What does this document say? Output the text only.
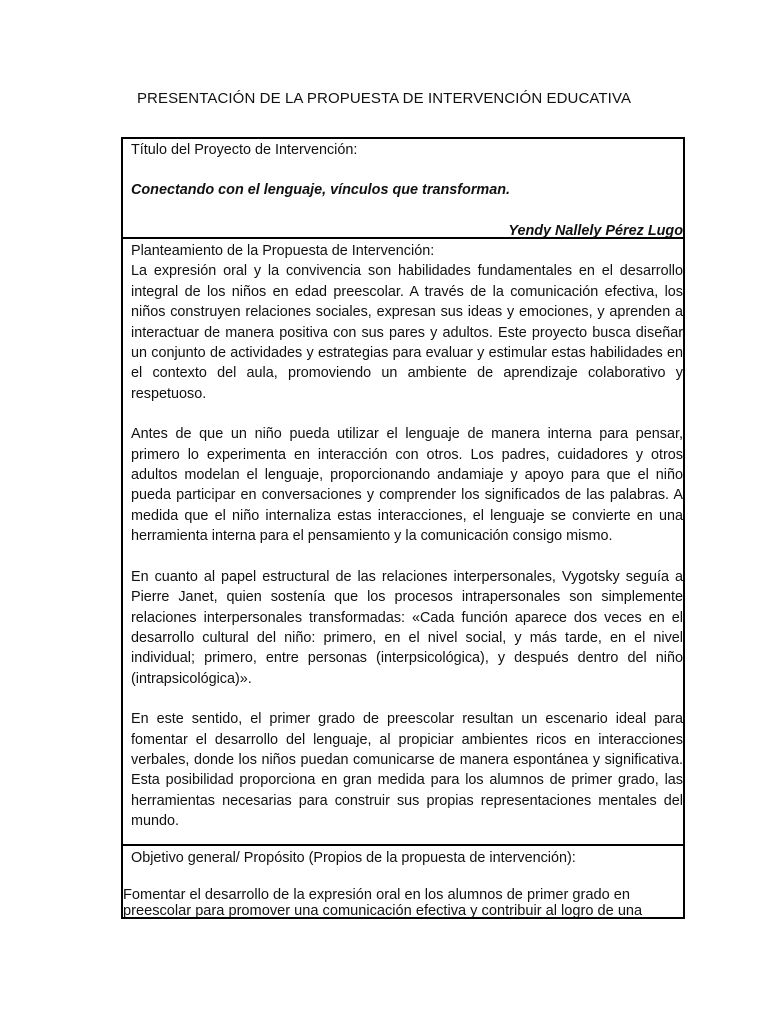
PRESENTACIÓN DE LA PROPUESTA DE INTERVENCIÓN EDUCATIVA

Título del Proyecto de Intervención:

Conectando con el lenguaje, vínculos que transforman.

Yendy Nallely Pérez Lugo

Planteamiento de la Propuesta de Intervención:

La expresión oral y la convivencia son habilidades fundamentales en el desarrollo integral de los niños en edad preescolar. A través de la comunicación efectiva, los niños construyen relaciones sociales, expresan sus ideas y emociones, y aprenden a interactuar de manera positiva con sus pares y adultos. Este proyecto busca diseñar un conjunto de actividades y estrategias para evaluar y estimular estas habilidades en el contexto del aula, promoviendo un ambiente de aprendizaje colaborativo y respetuoso.

Antes de que un niño pueda utilizar el lenguaje de manera interna para pensar, primero lo experimenta en interacción con otros. Los padres, cuidadores y otros adultos modelan el lenguaje, proporcionando andamiaje y apoyo para que el niño pueda participar en conversaciones y comprender los significados de las palabras. A medida que el niño internaliza estas interacciones, el lenguaje se convierte en una herramienta interna para el pensamiento y la comunicación consigo mismo.

En cuanto al papel estructural de las relaciones interpersonales, Vygotsky seguía a Pierre Janet, quien sostenía que los procesos intrapersonales son simplemente relaciones interpersonales transformadas: «Cada función aparece dos veces en el desarrollo cultural del niño: primero, en el nivel social, y más tarde, en el nivel individual; primero, entre personas (interpsicológica), y después dentro del niño (intrapsicológica)».

En este sentido, el primer grado de preescolar resultan un escenario ideal para fomentar el desarrollo del lenguaje, al propiciar ambientes ricos en interacciones verbales, donde los niños puedan comunicarse de manera espontánea y significativa. Esta posibilidad proporciona en gran medida para los alumnos de primer grado, las herramientas necesarias para construir sus propias representaciones mentales del mundo.

Objetivo general/ Propósito (Propios de la propuesta de intervención):

Fomentar el desarrollo de la expresión oral en los alumnos de primer grado en preescolar para promover una comunicación efectiva y contribuir al logro de una
